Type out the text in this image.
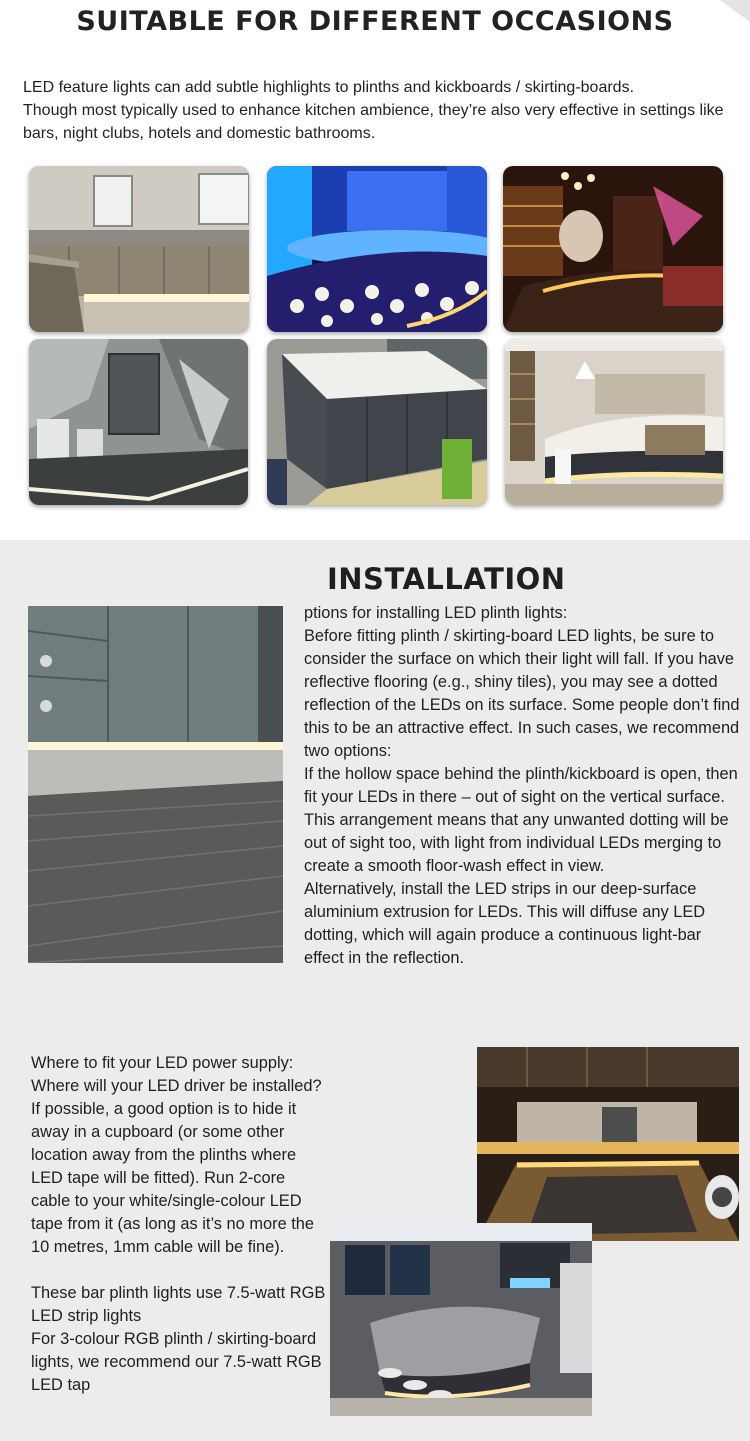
SUITABLE FOR DIFFERENT OCCASIONS

LED feature lights can add subtle highlights to plinths and kickboards / skirting-boards.

Though most typically used to enhance kitchen ambience, they’re also very effective in settings like bars, night clubs, hotels and domestic bathrooms.

INSTALLATION

ptions for installing LED plinth lights:

Before fitting plinth / skirting-board LED lights, be sure to consider the surface on which their light will fall. If you have reflective flooring (e.g., shiny tiles), you may see a dotted reflection of the LEDs on its surface. Some people don’t find this to be an attractive effect. In such cases, we recommend two options:

If the hollow space behind the plinth/kickboard is open, then fit your LEDs in there – out of sight on the vertical surface. This arrangement means that any unwanted dotting will be out of sight too, with light from individual LEDs merging to create a smooth floor-wash effect in view.

Alternatively, install the LED strips in our deep-surface aluminium extrusion for LEDs. This will diffuse any LED dotting, which will again produce a continuous light-bar effect in the reflection.

Where to fit your LED power supply:

Where will your LED driver be installed? If possible, a good option is to hide it away in a cupboard (or some other location away from the plinths where LED tape will be fitted). Run 2-core cable to your white/single-colour LED tape from it (as long as it’s no more the 10 metres, 1mm cable will be fine).

These bar plinth lights use 7.5-watt RGB LED strip lights

For 3-colour RGB plinth / skirting-board lights, we recommend our 7.5-watt RGB LED tap
